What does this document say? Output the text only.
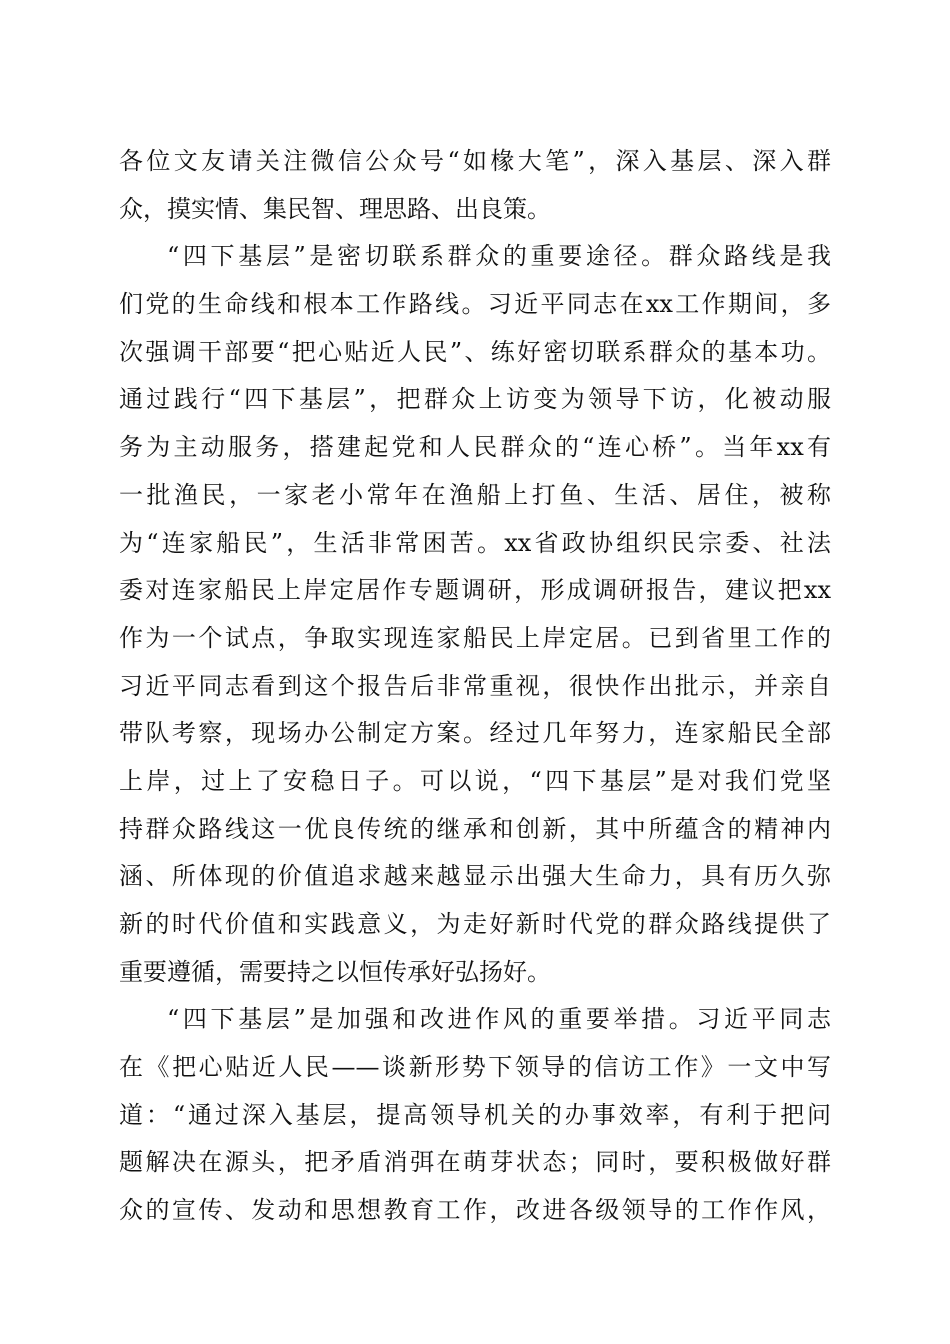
各位文友请关注微信公众号“如椽大笔”，深入基层、深入群
众，摸实情、集民智、理思路、出良策。
“四下基层”是密切联系群众的重要途径。群众路线是我
们党的生命线和根本工作路线。习近平同志在xx工作期间，多
次强调干部要“把心贴近人民”、练好密切联系群众的基本功。
通过践行“四下基层”，把群众上访变为领导下访，化被动服
务为主动服务，搭建起党和人民群众的“连心桥”。当年xx有
一批渔民，一家老小常年在渔船上打鱼、生活、居住，被称
为“连家船民”，生活非常困苦。xx省政协组织民宗委、社法
委对连家船民上岸定居作专题调研，形成调研报告，建议把xx
作为一个试点，争取实现连家船民上岸定居。已到省里工作的
习近平同志看到这个报告后非常重视，很快作出批示，并亲自
带队考察，现场办公制定方案。经过几年努力，连家船民全部
上岸，过上了安稳日子。可以说，“四下基层”是对我们党坚
持群众路线这一优良传统的继承和创新，其中所蕴含的精神内
涵、所体现的价值追求越来越显示出强大生命力，具有历久弥
新的时代价值和实践意义，为走好新时代党的群众路线提供了
重要遵循，需要持之以恒传承好弘扬好。
“四下基层”是加强和改进作风的重要举措。习近平同志
在《把心贴近人民——谈新形势下领导的信访工作》一文中写
道：“通过深入基层，提高领导机关的办事效率，有利于把问
题解决在源头，把矛盾消弭在萌芽状态；同时，要积极做好群
众的宣传、发动和思想教育工作，改进各级领导的工作作风，
